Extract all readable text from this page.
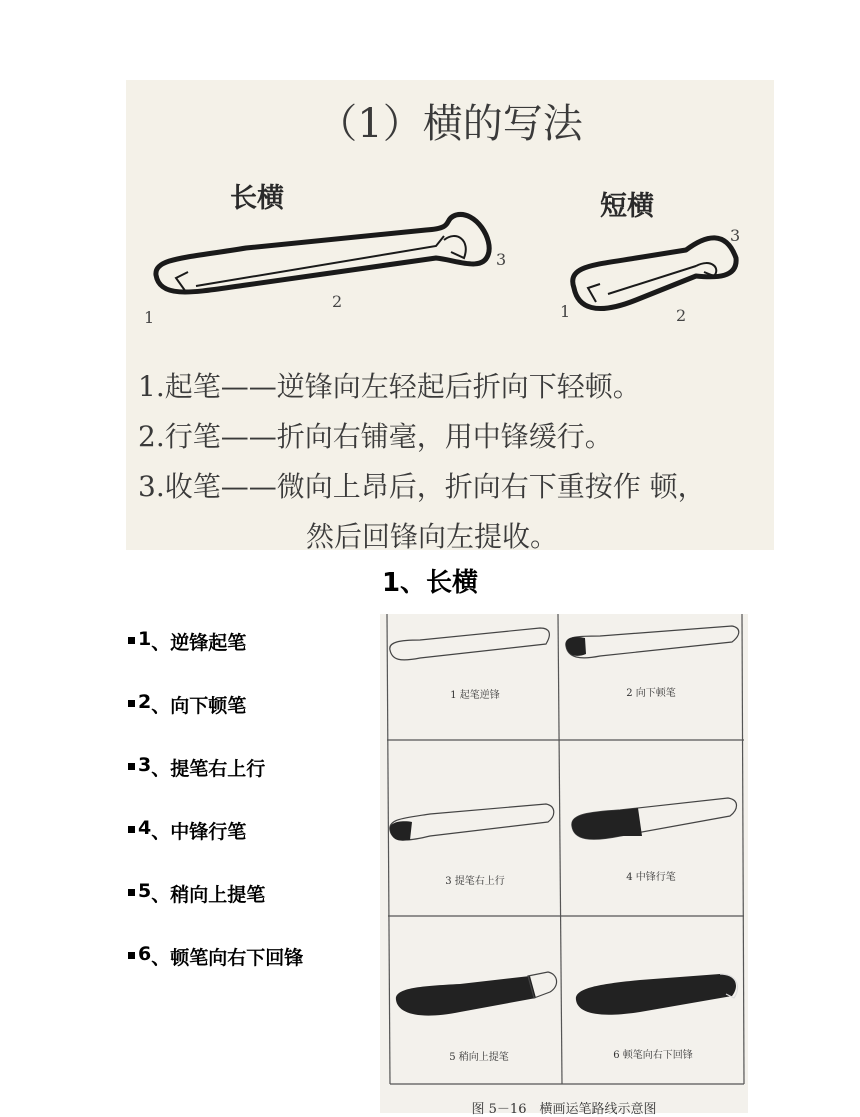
（1）横的写法
长横	短横
1
2
3
1	2
3
1.起笔——逆锋向左轻起后折向下轻顿。
2.行笔——折向右铺毫，用中锋缓行。
3.收笔——微向上昂后，折向右下重按作 顿，
然后回锋向左提收。
1、长横
1 、逆锋起笔
2 、向下顿笔
3 、提笔右上行
4 、中锋行笔
5 、稍向上提笔
6 、顿笔向右下回锋
1 起笔逆锋	2 向下顿笔
3 提笔右上行	4 中锋行笔
5 稍向上提笔	6 顿笔向右下回锋
图 5－16　横画运笔路线示意图
